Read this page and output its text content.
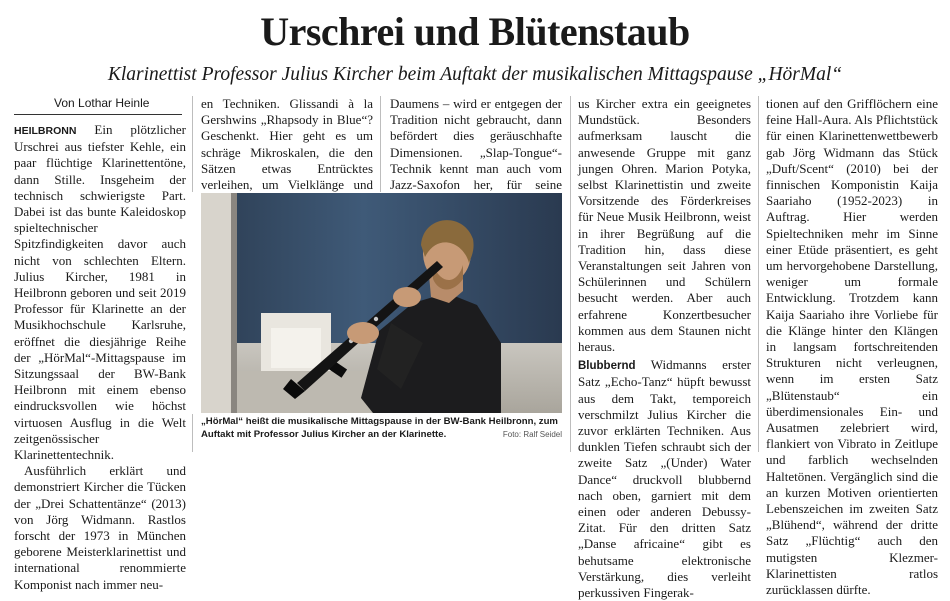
Urschrei und Blütenstaub
Klarinettist Professor Julius Kircher beim Auftakt der musikalischen Mittagspause „HörMal“
Von Lothar Heinle

HEILBRONN Ein plötzlicher Urschrei aus tiefster Kehle, ein paar flüchtige Klarinettentöne, dann Stille. Insgeheim der technisch schwierigste Part. Dabei ist das bunte Kaleidoskop spieltechnischer Spitzfindigkeiten davor auch nicht von schlechten Eltern. Julius Kircher, 1981 in Heilbronn geboren und seit 2019 Professor für Klarinette an der Musikhochschule Karlsruhe, eröffnet die diesjährige Reihe der „HörMal“-Mittagspause im Sitzungssaal der BW-Bank Heilbronn mit einem ebenso eindrucksvollen wie höchst virtuosen Ausflug in die Welt zeitgenössischer Klarinettentechnik.

Ausführlich erklärt und demonstriert Kircher die Tücken der „Drei Schattentänze“ (2013) von Jörg Widmann. Rastlos forscht der 1973 in München geborene Meisterklarinettist und international renommierte Komponist nach immer neu-

en Techniken. Glissandi à la Gershwins „Rhapsody in Blue“? Geschenkt. Hier geht es um schräge Mikroskalen, die den Sätzen etwas Entrücktes verleihen, um Vielklänge und

Daumens – wird er entgegen der Tradition nicht gebraucht, dann befördert dies geräuschhafte Dimensionen. „Slap-Tongue“-Technik kennt man auch vom Jazz-Saxofon her, für seine

„HörMal“ heißt die musikalische Mittagspause in der BW-Bank Heilbronn, zum Auftakt mit Professor Julius Kircher an der Klarinette.	Foto: Ralf Seidel

us Kircher extra ein geeignetes Mundstück. Besonders aufmerksam lauscht die anwesende Gruppe mit ganz jungen Ohren. Marion Potyka, selbst Klarinettistin und zweite Vorsitzende des Förderkreises für Neue Musik Heilbronn, weist in ihrer Begrüßung auf die Tradition hin, dass diese Veranstaltungen seit Jahren von Schülerinnen und Schülern besucht werden. Aber auch erfahrene Konzertbesucher kommen aus dem Staunen nicht heraus.

Blubbernd Widmanns erster Satz „Echo-Tanz“ hüpft bewusst aus dem Takt, temporeich verschmilzt Julius Kircher die zuvor erklärten Techniken. Aus dunklen Tiefen schraubt sich der zweite Satz „(Under) Water Dance“ druckvoll blubbernd nach oben, garniert mit dem einen oder anderen Debussy-Zitat. Für den dritten Satz „Danse africaine“ gibt es behutsame elektronische Verstärkung, dies verleiht perkussiven Fingerak-

tionen auf den Grifflöchern eine feine Hall-Aura. Als Pflichtstück für einen Klarinettenwettbewerb gab Jörg Widmann das Stück „Duft/Scent“ (2010) bei der finnischen Komponistin Kaija Saariaho (1952-2023) in Auftrag. Hier werden Spieltechniken mehr im Sinne einer Etüde präsentiert, es geht um hervorgehobene Darstellung, weniger um formale Entwicklung. Trotzdem kann Kaija Saariaho ihre Vorliebe für die Klänge hinter den Klängen in langsam fortschreitenden Strukturen nicht verleugnen, wenn im ersten Satz „Blütenstaub“ ein überdimensionales Ein- und Ausatmen zelebriert wird, flankiert von Vibrato in Zeitlupe und farblich wechselnden Haltetönen. Vergänglich sind die an kurzen Motiven orientierten Lebenszeichen im zweiten Satz „Blühend“, während der dritte Satz „Flüchtig“ auch den mutigsten Klezmer-Klarinettisten ratlos zurücklassen dürfte.
